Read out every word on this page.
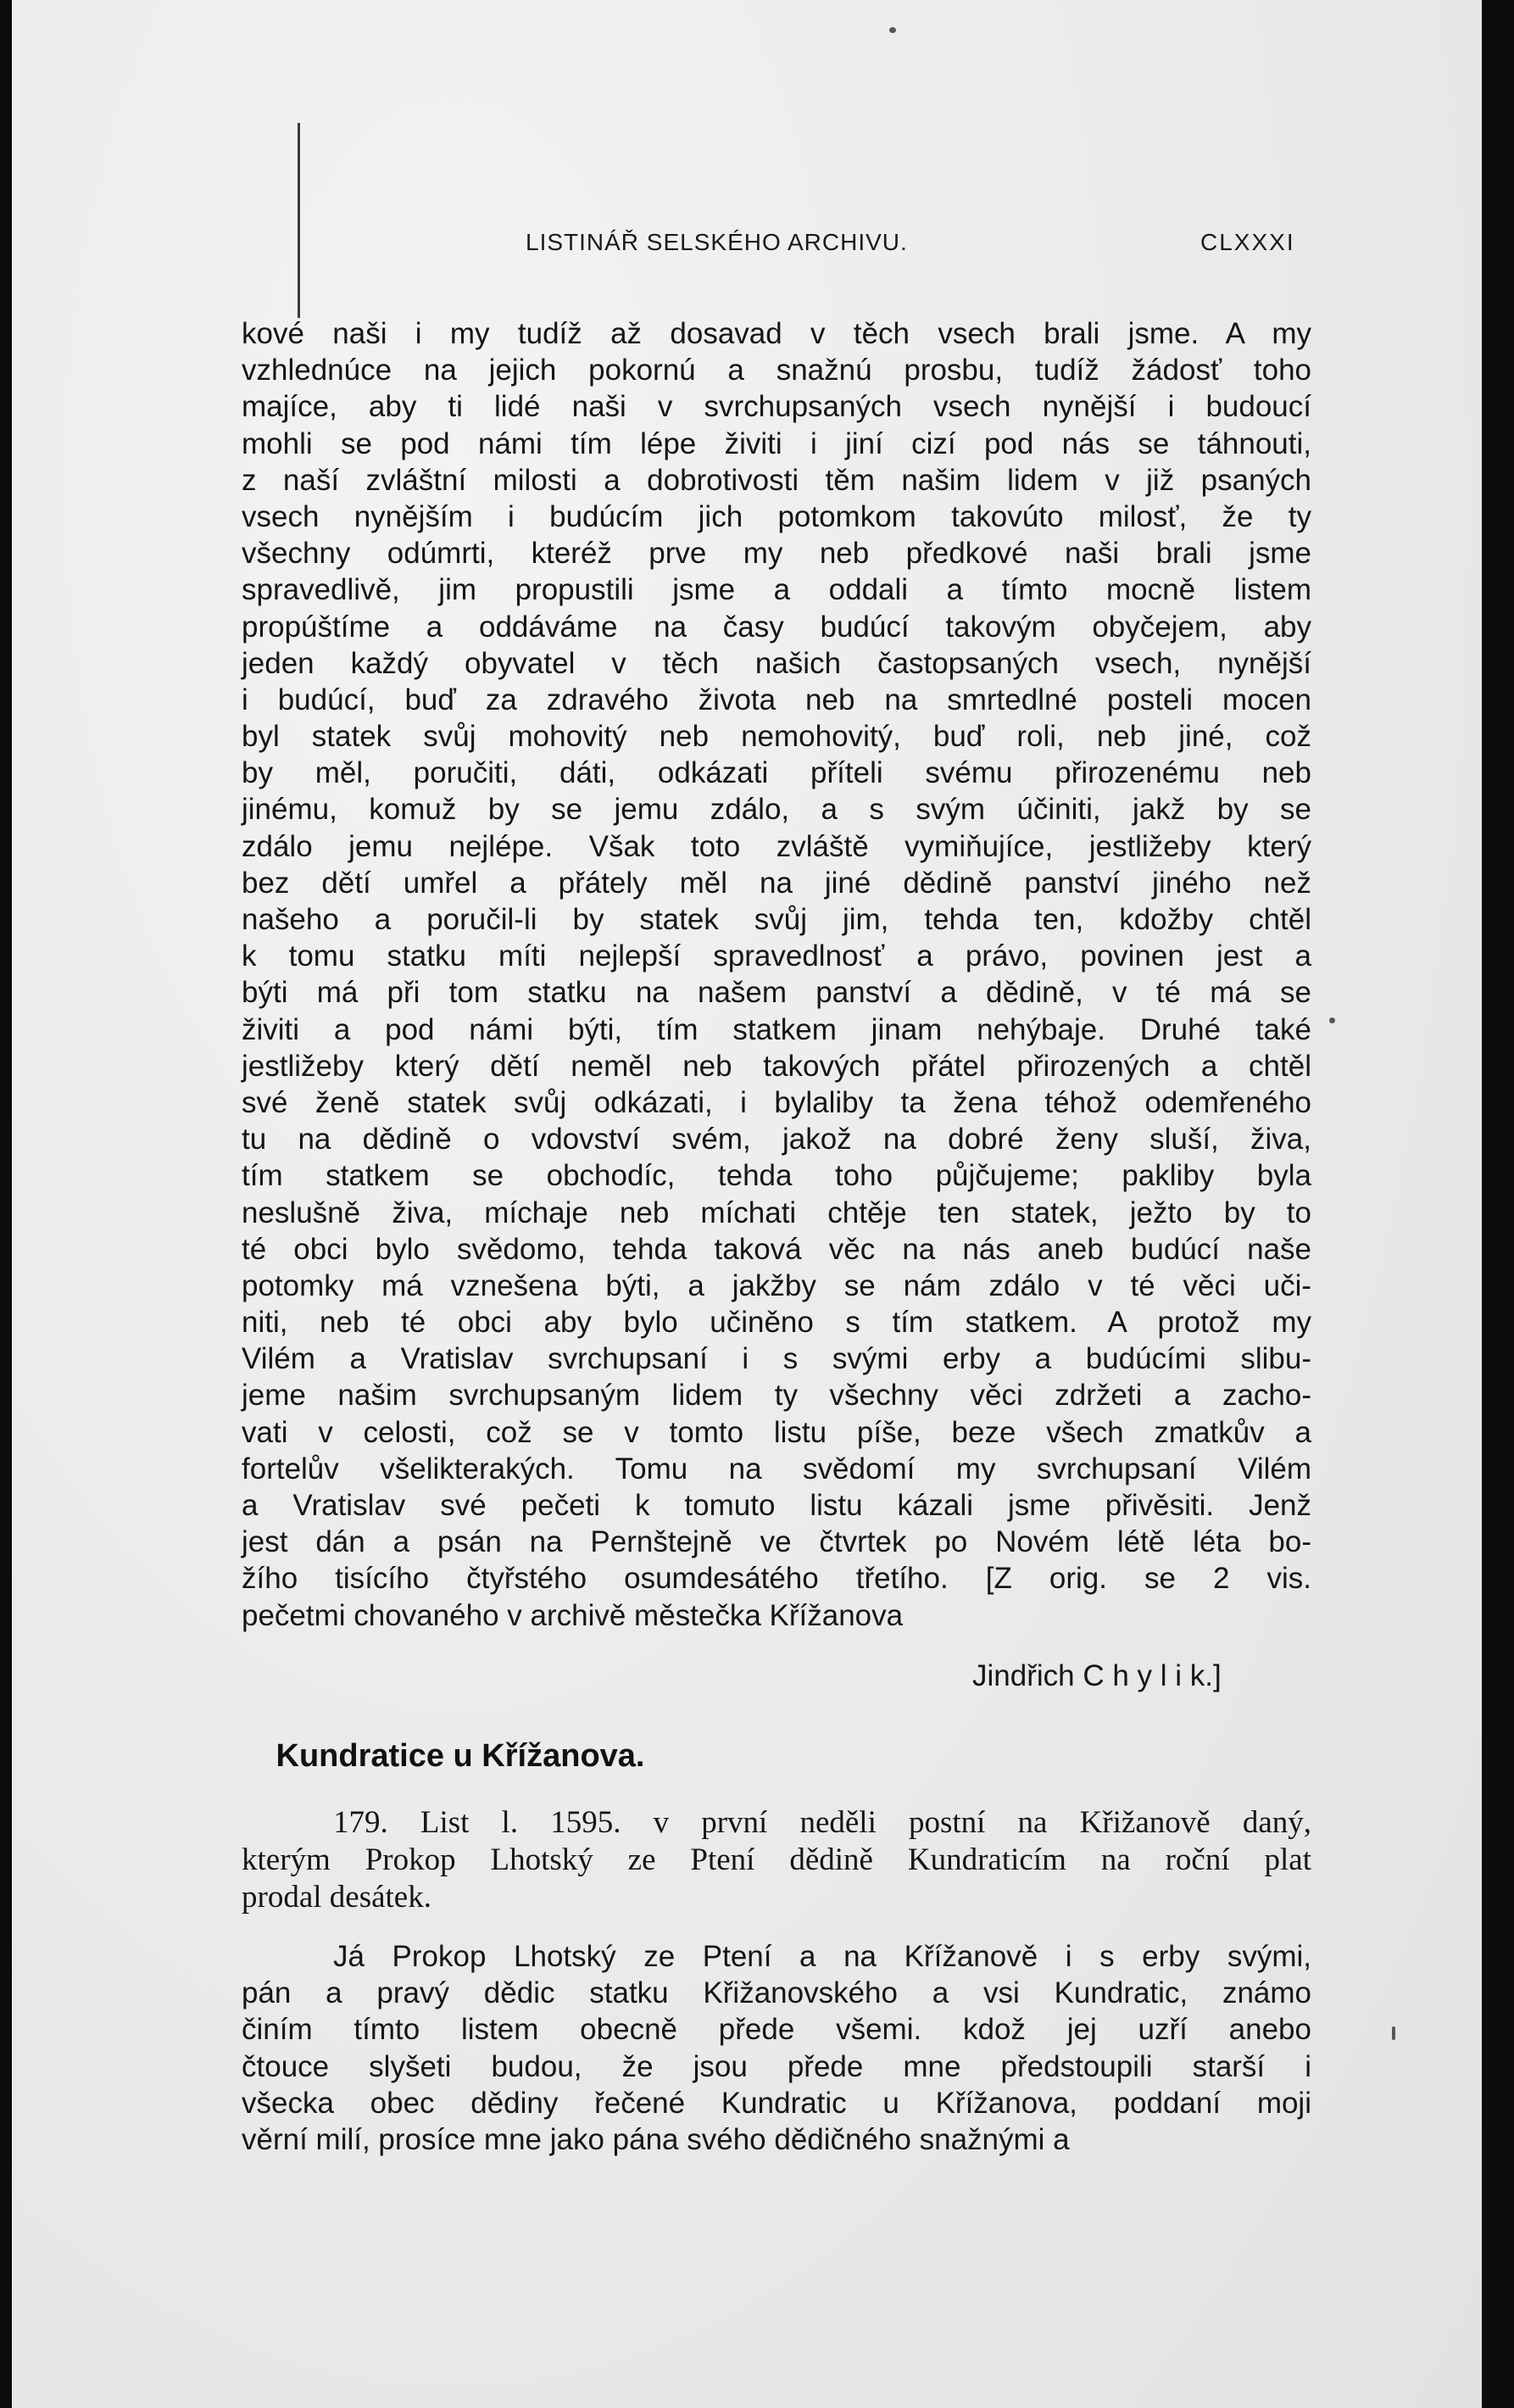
LISTINÁŘ SELSKÉHO ARCHIVU.	CLXXXI
kové naši i my tudíž až dosavad v těch vsech brali jsme. A my
vzhlednúce na jejich pokornú a snažnú prosbu, tudíž žádosť toho
majíce, aby ti lidé naši v svrchupsaných vsech nynější i budoucí
mohli se pod námi tím lépe živiti i jiní cizí pod nás se táhnouti,
z naší zvláštní milosti a dobrotivosti těm našim lidem v již psaných
vsech nynějším i budúcím jich potomkom takovúto milosť, že ty
všechny odúmrti, kteréž prve my neb předkové naši brali jsme
spravedlivě, jim propustili jsme a oddali a tímto mocně listem
propúštíme a oddáváme na časy budúcí takovým obyčejem, aby
jeden každý obyvatel v těch našich častopsaných vsech, nynější
i budúcí, buď za zdravého života neb na smrtedlné posteli mocen
byl statek svůj mohovitý neb nemohovitý, buď roli, neb jiné, což
by měl, poručiti, dáti, odkázati příteli svému přirozenému neb
jinému, komuž by se jemu zdálo, a s svým účiniti, jakž by se
zdálo jemu nejlépe. Však toto zvláště vymiňujíce, jestližeby který
bez dětí umřel a přátely měl na jiné dědině panství jiného než
našeho a poručil-li by statek svůj jim, tehda ten, kdožby chtěl
k tomu statku míti nejlepší spravedlnosť a právo, povinen jest a
býti má při tom statku na našem panství a dědině, v té má se
živiti a pod námi býti, tím statkem jinam nehýbaje. Druhé také
jestližeby který dětí neměl neb takových přátel přirozených a chtěl
své ženě statek svůj odkázati, i bylaliby ta žena téhož odemřeného
tu na dědině o vdovství svém, jakož na dobré ženy sluší, živa,
tím statkem se obchodíc, tehda toho půjčujeme; pakliby byla
neslušně živa, míchaje neb míchati chtěje ten statek, ježto by to
té obci bylo svědomo, tehda taková věc na nás aneb budúcí naše
potomky má vznešena býti, a jakžby se nám zdálo v té věci uči-
niti, neb té obci aby bylo učiněno s tím statkem. A protož my
Vilém a Vratislav svrchupsaní i s svými erby a budúcími slibu-
jeme našim svrchupsaným lidem ty všechny věci zdržeti a zacho-
vati v celosti, což se v tomto listu píše, beze všech zmatkův a
fortelův všelikterakých. Tomu na svědomí my svrchupsaní Vilém
a Vratislav své pečeti k tomuto listu kázali jsme přivěsiti. Jenž
jest dán a psán na Pernštejně ve čtvrtek po Novém létě léta bo-
žího tisícího čtyřstého osumdesátého třetího. [Z orig. se 2 vis.
pečetmi chovaného v archivě městečka Křížanova
Jindřich C h y l i k.]
Kundratice u Křížanova.
179. List l. 1595. v první neděli postní na Křižanově daný,
kterým Prokop Lhotský ze Ptení dědině Kundraticím na roční plat
prodal desátek.
Já Prokop Lhotský ze Ptení a na Křížanově i s erby svými,
pán a pravý dědic statku Křižanovského a vsi Kundratic, známo
činím tímto listem obecně přede všemi. kdož jej uzří anebo
čtouce slyšeti budou, že jsou přede mne předstoupili starší i
všecka obec dědiny řečené Kundratic u Křížanova, poddaní moji
věrní milí, prosíce mne jako pána svého dědičného snažnými a
